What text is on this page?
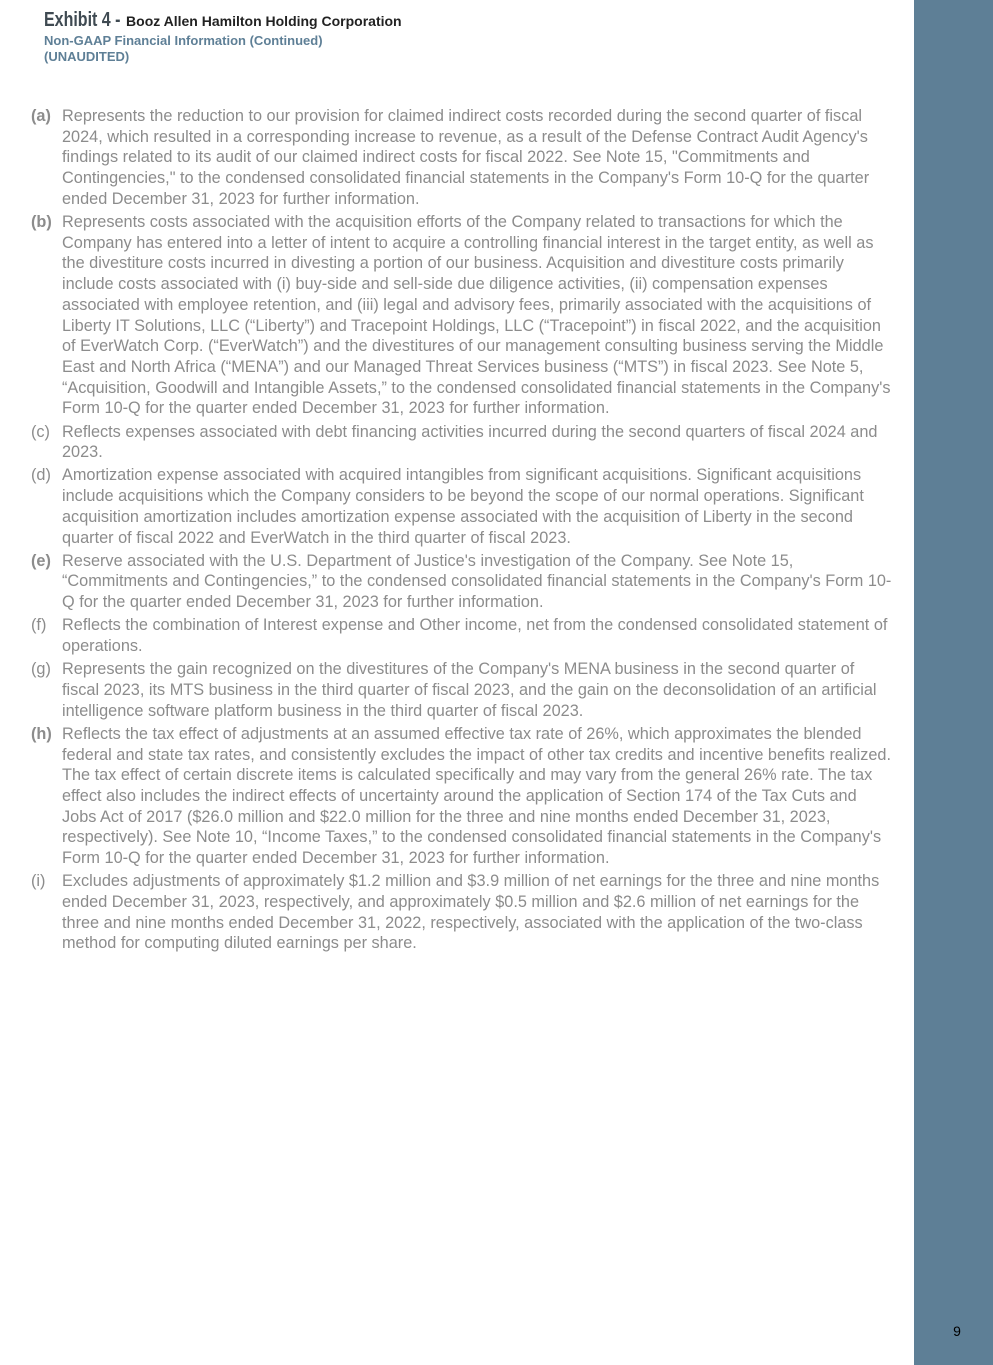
9
Exhibit 4 - Booz Allen Hamilton Holding Corporation
Non-GAAP Financial Information (Continued)
(UNAUDITED)
(a) Represents the reduction to our provision for claimed indirect costs recorded during the second quarter of fiscal 2024, which resulted in a corresponding increase to revenue, as a result of the Defense Contract Audit Agency's findings related to its audit of our claimed indirect costs for fiscal 2022. See Note 15, "Commitments and Contingencies," to the condensed consolidated financial statements in the Company's Form 10-Q for the quarter ended December 31, 2023 for further information.
(b) Represents costs associated with the acquisition efforts of the Company related to transactions for which the Company has entered into a letter of intent to acquire a controlling financial interest in the target entity, as well as the divestiture costs incurred in divesting a portion of our business. Acquisition and divestiture costs primarily include costs associated with (i) buy-side and sell-side due diligence activities, (ii) compensation expenses associated with employee retention, and (iii) legal and advisory fees, primarily associated with the acquisitions of Liberty IT Solutions, LLC (“Liberty”) and Tracepoint Holdings, LLC (“Tracepoint”) in fiscal 2022, and the acquisition of EverWatch Corp. (“EverWatch”) and the divestitures of our management consulting business serving the Middle East and North Africa (“MENA”) and our Managed Threat Services business (“MTS”) in fiscal 2023. See Note 5, “Acquisition, Goodwill and Intangible Assets,” to the condensed consolidated financial statements in the Company's Form 10-Q for the quarter ended December 31, 2023 for further information.
(c) Reflects expenses associated with debt financing activities incurred during the second quarters of fiscal 2024 and 2023.
(d) Amortization expense associated with acquired intangibles from significant acquisitions. Significant acquisitions include acquisitions which the Company considers to be beyond the scope of our normal operations. Significant acquisition amortization includes amortization expense associated with the acquisition of Liberty in the second quarter of fiscal 2022 and EverWatch in the third quarter of fiscal 2023.
(e) Reserve associated with the U.S. Department of Justice's investigation of the Company. See Note 15, “Commitments and Contingencies,” to the condensed consolidated financial statements in the Company's Form 10-Q for the quarter ended December 31, 2023 for further information.
(f) Reflects the combination of Interest expense and Other income, net from the condensed consolidated statement of operations.
(g) Represents the gain recognized on the divestitures of the Company's MENA business in the second quarter of fiscal 2023, its MTS business in the third quarter of fiscal 2023, and the gain on the deconsolidation of an artificial intelligence software platform business in the third quarter of fiscal 2023.
(h) Reflects the tax effect of adjustments at an assumed effective tax rate of 26%, which approximates the blended federal and state tax rates, and consistently excludes the impact of other tax credits and incentive benefits realized. The tax effect of certain discrete items is calculated specifically and may vary from the general 26% rate. The tax effect also includes the indirect effects of uncertainty around the application of Section 174 of the Tax Cuts and Jobs Act of 2017 ($26.0 million and $22.0 million for the three and nine months ended December 31, 2023, respectively). See Note 10, “Income Taxes,” to the condensed consolidated financial statements in the Company's Form 10-Q for the quarter ended December 31, 2023 for further information.
(i)	Excludes adjustments of approximately $1.2 million and $3.9 million of net earnings for the three and nine months ended December 31, 2023, respectively, and approximately $0.5 million and $2.6 million of net earnings for the three and nine months ended December 31, 2022, respectively, associated with the application of the two-class method for computing diluted earnings per share.
